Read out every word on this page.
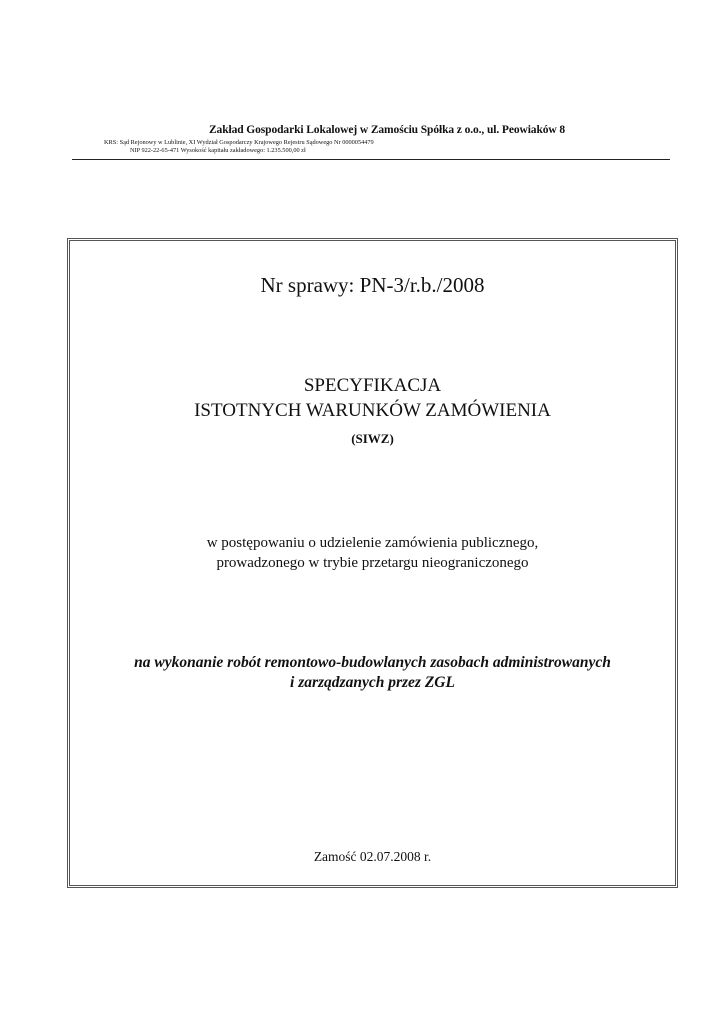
Zakład Gospodarki Lokalowej w Zamościu Spółka z o.o., ul. Peowiaków 8
KRS: Sąd Rejonowy w Lublinie, XI Wydział Gospodarczy Krajowego Rejestru Sądowego Nr 0000054479
NIP 922-22-65-471 Wysokość kapitału zakładowego: 1.235.500,00 zł
Nr sprawy: PN-3/r.b./2008
SPECYFIKACJA
ISTOTNYCH WARUNKÓW ZAMÓWIENIA
(SIWZ)
w postępowaniu o udzielenie zamówienia publicznego,
prowadzonego w trybie przetargu nieograniczonego
na wykonanie robót remontowo-budowlanych zasobach administrowanych
i zarządzanych przez ZGL
Zamość 02.07.2008 r.
